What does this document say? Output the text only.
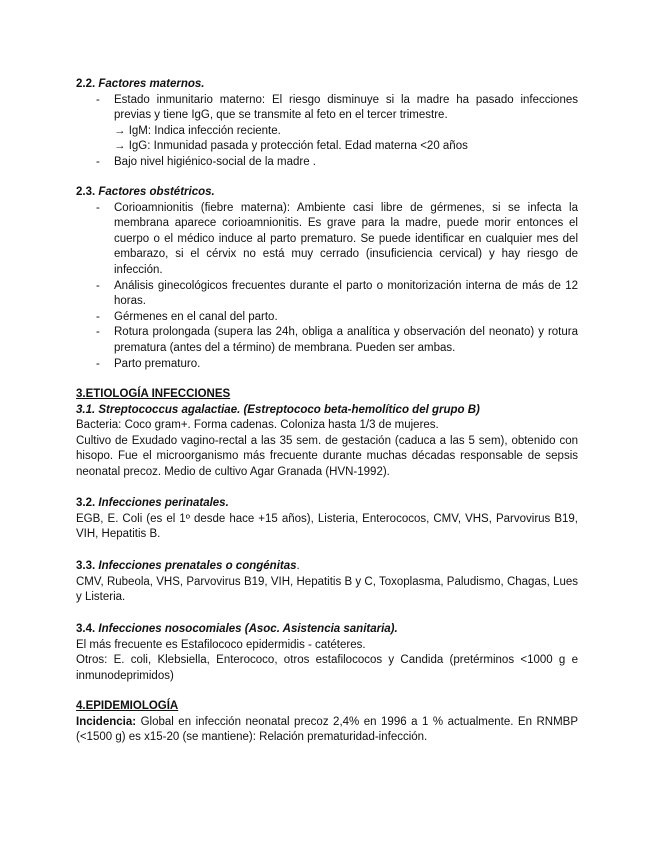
2.2. Factores maternos.
- Estado inmunitario materno: El riesgo disminuye si la madre ha pasado infecciones previas y tiene IgG, que se transmite al feto en el tercer trimestre.
→ IgM: Indica infección reciente.
→ IgG: Inmunidad pasada y protección fetal. Edad materna <20 años
- Bajo nivel higiénico-social de la madre .
2.3. Factores obstétricos.
- Corioamnionitis (fiebre materna): Ambiente casi libre de gérmenes, si se infecta la membrana aparece corioamnionitis. Es grave para la madre, puede morir entonces el cuerpo o el médico induce al parto prematuro. Se puede identificar en cualquier mes del embarazo, si el cérvix no está muy cerrado (insuficiencia cervical) y hay riesgo de infección.
- Análisis ginecológicos frecuentes durante el parto o monitorización interna de más de 12 horas.
- Gérmenes en el canal del parto.
- Rotura prolongada (supera las 24h, obliga a analítica y observación del neonato) y rotura prematura (antes del a término) de membrana. Pueden ser ambas.
- Parto prematuro.
3.ETIOLOGÍA INFECCIONES
3.1. Streptococcus agalactiae. (Estreptococo beta-hemolítico del grupo B)

Bacteria: Coco gram+. Forma cadenas. Coloniza hasta 1/3 de mujeres.

Cultivo de Exudado vagino-rectal a las 35 sem. de gestación (caduca a las 5 sem), obtenido con hisopo. Fue el microorganismo más frecuente durante muchas décadas responsable de sepsis neonatal precoz. Medio de cultivo Agar Granada (HVN-1992).

3.2. Infecciones perinatales.

EGB, E. Coli (es el 1º desde hace +15 años), Listeria, Enterococos, CMV, VHS, Parvovirus B19, VIH, Hepatitis B.

3.3. Infecciones prenatales o congénitas.

CMV, Rubeola, VHS, Parvovirus B19, VIH, Hepatitis B y C, Toxoplasma, Paludismo, Chagas, Lues y Listeria.

3.4. Infecciones nosocomiales (Asoc. Asistencia sanitaria).

El más frecuente es Estafilococo epidermidis - catéteres.

Otros: E. coli, Klebsiella, Enterococo, otros estafilococos y Candida (pretérminos <1000 g e inmunodeprimidos)

4.EPIDEMIOLOGÍA

Incidencia: Global en infección neonatal precoz 2,4% en 1996 a 1 % actualmente. En RNMBP (<1500 g) es x15-20 (se mantiene): Relación prematuridad-infección.
